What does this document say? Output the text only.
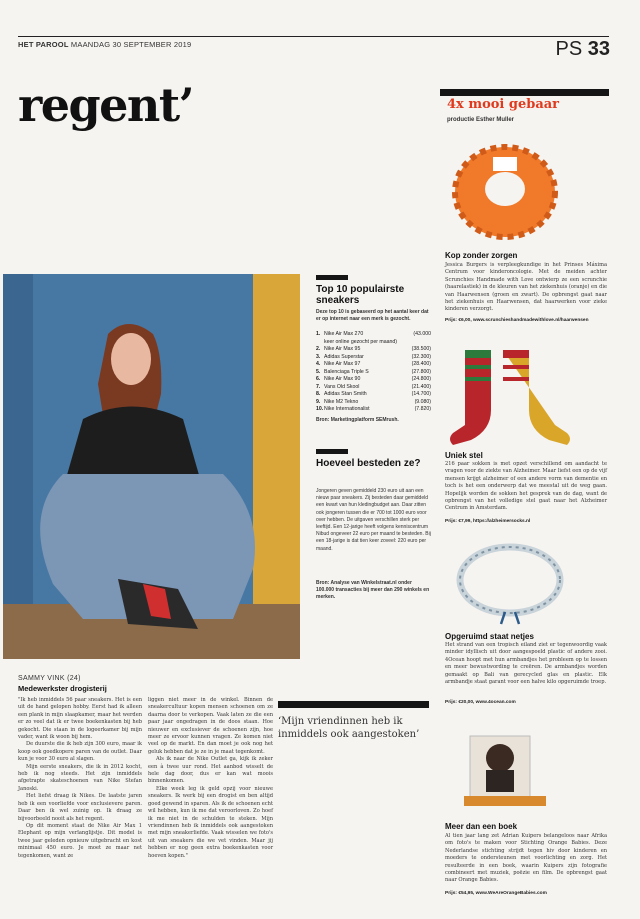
HET PAROOL MAANDAG 30 SEPTEMBER 2019	PS 33
regent’	4x mooi gebaar
productie Esther Muller
Kop zonder zorgen
Jessica Burgers is verpleegkundige in het Prinses Máxima Centrum voor kinderoncologie. Met de meiden achter Scrunchies Handmade with Love ontwierp ze een scrunchie (haarelastiek) in de kleuren van het ziekenhuis (oranje) en die van Haarwensen (groen en zwart). De opbrengst gaat naar het ziekenhuis en Haarwensen, dat haarwerken voor zieke kinderen verzorgt.
Prijs: €6,00, www.scrunchieshandmadewithlove.nl/haarwensen
Uniek stel
216 paar sokken is met opzet verschillend om aandacht te vragen voor de ziekte van Alzheimer. Maar liefst een op de vijf mensen krijgt alzheimer of een andere vorm van dementie en toch is het een onderwerp dat we meestal uit de weg gaan. Hopelijk worden de sokken het gesprek van de dag, want de opbrengst van het volledige stel gaat naar het Alzheimer Centrum in Amsterdam.
Prijs: €7,99, https://alzheimersocks.nl
Opgeruimd staat netjes
Het strand van een tropisch eiland ziet er tegenwoordig vaak minder idyllisch uit door aangespoeld plastic of andere zooi. 4Ocean hoopt met hun armbandjes het probleem op te lossen en meer bewustwording te creëren. De armbandjes worden gemaakt op Bali van gerecycled glas en plastic. Elk armbandje staat garant voor een halve kilo opgeruimde troep.
Prijs: €20,00, www.4ocean.com
Meer dan een boek
Al tien jaar lang zet Adrian Kuipers belangeloos naar Afrika om foto's te maken voor Stichting Orange Babies. Deze Nederlandse stichting strijdt tegen hiv door kinderen en moeders te ondersteunen met voorlichting en zorg. Het resulteerde in een boek, waarin Kuipers zijn fotografie combineert met muziek, poëzie en film. De opbrengst gaat naar Orange Babies.
Prijs: €54,95, www.WeAreOrangeBabies.com
Top 10 populairste sneakers
Deze top 10 is gebaseerd op het aantal keer dat er op internet naar een merk is gezocht.
1. Nike Air Max 270	(43.000
keer online gezocht per maand)
2. Nike Air Max 95	(38.500)
3. Adidas Superstar	(32.300)
4. Nike Air Max 97	(28.400)
5. Balenciaga Triple S	(27.800)
6. Nike Air Max 90	(24.800)
7. Vans Old Skool	(21.400)
8. Adidas Stan Smith	(14.700)
9. Nike M2 Tekno	(9.080)
10. Nike Internationalist	(7.820)
Bron: Marketingplatform SEMrush.
Hoeveel besteden ze?
Jongeren geven gemiddeld 230 euro uit aan een nieuw paar sneakers. Zij besteden daar gemiddeld een kwart van hun kledingbudget aan. Daar zitten ook jongeren tussen die er 700 tot 1000 euro voor over hebben. De uitgaven verschillen sterk per leeftijd. Een 12-jarige heeft volgens kenniscentrum Nibud ongeveer 22 euro per maand te besteden. Bij een 18-jarige is dat tien keer zoveel: 220 euro per maand.
Bron: Analyse van Winkelstraat.nl onder 100.000 transacties bij meer dan 290 winkels en merken.
SAMMY VINK (24)
Medewerkster drogisterij

"Ik heb inmiddels 56 paar sneakers. Het is een uit de hand gelopen hobby. Eerst had ik alleen een plank in mijn slaapkamer, maar het werden er zo veel dat ik er twee boekenkasten bij heb gekocht. Die staan in de logeerkamer bij mijn vader, want ik woon bij hem.

De duurste die ik heb zijn 300 euro, maar ik koop ook goedkopere paren van de outlet. Daar kun je voor 30 euro al slagen.

Mijn eerste sneakers, die ik in 2012 kocht, heb ik nog steeds. Het zijn inmiddels afgetrapte skateschoenen van Nike Stefan Janoski.

Het liefst draag ik Nikes. De laatste jaren heb ik een voorliefde voor exclusievere paren. Daar ben ik wel zuinig op. Ik draag ze bijvoorbeeld nooit als het regent.

Op dit moment staat de Nike Air Max 1 Elephant op mijn verlanglijstje. Dit model is twee jaar geleden opnieuw uitgebracht en kost minimaal 450 euro. Je moet ze maar net tegenkomen, want ze

liggen niet meer in de winkel. Binnen de sneakercultuur kopen mensen schoenen om ze daarna door te verkopen. Vaak laten ze die een paar jaar ongedragen in de doos staan. Hoe nieuwer en exclusiever de schoenen zijn, hoe meer ze ervoor kunnen vragen. Ze komen niet veel op de markt. En dan moet je ook nog het geluk hebben dat je ze in je maat tegenkomt.

Als ik naar de Nike Outlet ga, kijk ik zeker een à twee uur rond. Het aanbod wisselt de hele dag door, dus er kan wat moois binnenkomen.

Elke week leg ik geld opzij voor nieuwe sneakers. Ik werk bij een drogist en ben altijd goed gewend in sparen. Als ik de schoenen echt wil hebben, kun ik me dat veroorloven. Zo hoef ik me niet in de schulden te steken. Mijn vriendinnen heb ik inmiddels ook aangestoken met mijn sneakerliefde. Vaak wisselen we foto's uit van sneakers die we vet vinden. Maar jij hebben er nog geen extra boekenkasten voor hoeven kopen."

‘Mijn vriendinnen heb ik inmiddels ook aangestoken’
